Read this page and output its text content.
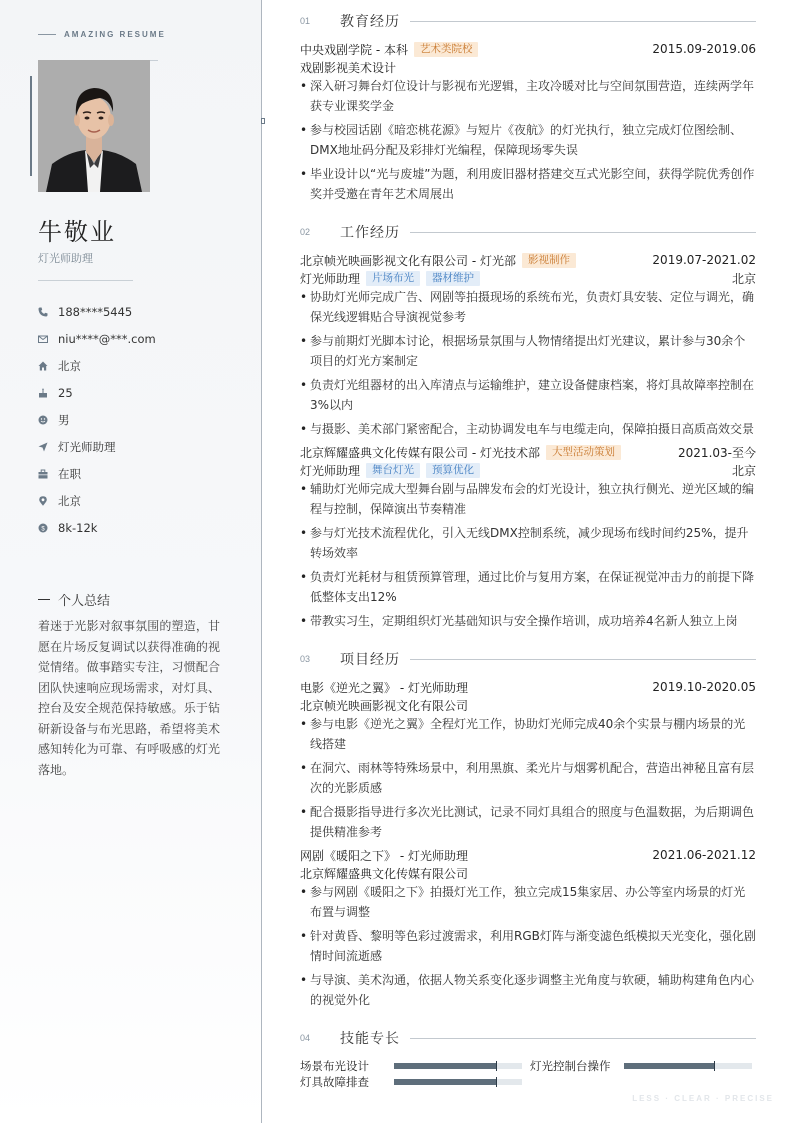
AMAZING RESUME
牛敬业
灯光师助理
188****5445
niu****@***.com
北京
25
男
灯光师助理
在职
北京
$ 8k-12k
个人总结
着迷于光影对叙事氛围的塑造，甘愿在片场反复调试以获得准确的视觉情绪。做事踏实专注，习惯配合团队快速响应现场需求，对灯具、控台及安全规范保持敏感。乐于钻研新设备与布光思路，希望将美术感知转化为可靠、有呼吸感的灯光落地。
01	教育经历
中央戏剧学院 - 本科	艺术类院校	2015.09-2019.06
戏剧影视美术设计
• 深入研习舞台灯位设计与影视布光逻辑，主攻冷暖对比与空间氛围营造，连续两学年获专业课奖学金
• 参与校园话剧《暗恋桃花源》与短片《夜航》的灯光执行，独立完成灯位图绘制、DMX地址码分配及彩排灯光编程，保障现场零失误
• 毕业设计以“光与废墟”为题，利用废旧器材搭建交互式光影空间，获得学院优秀创作奖并受邀在青年艺术周展出
02	工作经历
北京帧光映画影视文化有限公司 - 灯光部	影视制作	2019.07-2021.02
灯光师助理	片场布光	器材维护	北京
• 协助灯光师完成广告、网剧等拍摄现场的系统布光，负责灯具安装、定位与调光，确保光线逻辑贴合导演视觉参考
• 参与前期灯光脚本讨论，根据场景氛围与人物情绪提出灯光建议，累计参与30余个项目的灯光方案制定
• 负责灯光组器材的出入库清点与运输维护，建立设备健康档案，将灯具故障率控制在3%以内
• 与摄影、美术部门紧密配合，主动协调发电车与电缆走向，保障拍摄日高质高效交景
北京辉耀盛典文化传媒有限公司 - 灯光技术部	大型活动策划	2021.03-至今
灯光师助理	舞台灯光	预算优化	北京
• 辅助灯光师完成大型舞台剧与品牌发布会的灯光设计，独立执行侧光、逆光区域的编程与控制，保障演出节奏精准
• 参与灯光技术流程优化，引入无线DMX控制系统，减少现场布线时间约25%，提升转场效率
• 负责灯光耗材与租赁预算管理，通过比价与复用方案，在保证视觉冲击力的前提下降低整体支出12%
• 带教实习生，定期组织灯光基础知识与安全操作培训，成功培养4名新人独立上岗
03	项目经历
电影《逆光之翼》 - 灯光师助理	2019.10-2020.05
北京帧光映画影视文化有限公司
• 参与电影《逆光之翼》全程灯光工作，协助灯光师完成40余个实景与棚内场景的光线搭建
• 在洞穴、雨林等特殊场景中，利用黑旗、柔光片与烟雾机配合，营造出神秘且富有层次的光影质感
• 配合摄影指导进行多次光比测试，记录不同灯具组合的照度与色温数据，为后期调色提供精准参考
网剧《暖阳之下》 - 灯光师助理	2021.06-2021.12
北京辉耀盛典文化传媒有限公司
• 参与网剧《暖阳之下》拍摄灯光工作，独立完成15集家居、办公等室内场景的灯光布置与调整
• 针对黄昏、黎明等色彩过渡需求，利用RGB灯阵与渐变滤色纸模拟天光变化，强化剧情时间流逝感
• 与导演、美术沟通，依据人物关系变化逐步调整主光角度与软硬，辅助构建角色内心的视觉外化
04	技能专长
场景布光设计	灯光控制台操作
灯具故障排查
LESS · CLEAR · PRECISE
